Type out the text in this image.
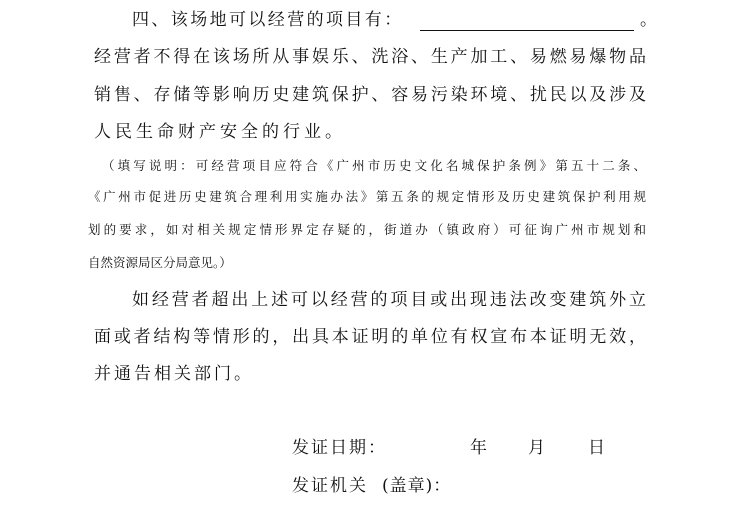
四、该场地可以经营的项目有：	。
经营者不得在该场所从事娱乐、洗浴、生产加工、易燃易爆物品
销售、存储等影响历史建筑保护、容易污染环境、扰民以及涉及
人民生命财产安全的行业。
（填写说明：可经营项目应符合《广州市历史文化名城保护条例》第五十二条、
《广州市促进历史建筑合理利用实施办法》第五条的规定情形及历史建筑保护利用规
划的要求，如对相关规定情形界定存疑的，街道办（镇政府）可征询广州市规划和
自然资源局区分局意见。）
如经营者超出上述可以经营的项目或出现违法改变建筑外立
面或者结构等情形的，出具本证明的单位有权宣布本证明无效，
并通告相关部门。
发证日期：	年 月	日
发证机关 (盖章)：
